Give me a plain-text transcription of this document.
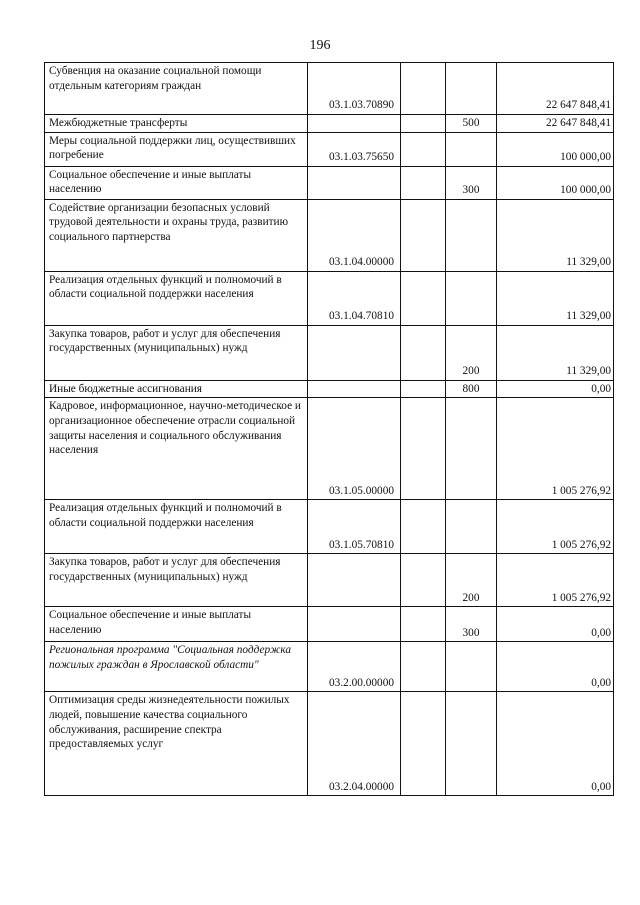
196
Субвенция на оказание социальной помощи отдельным категориям граждан	03.1.03.70890			22 647 848,41
Межбюджетные трансферты			500	22 647 848,41
Меры социальной поддержки лиц, осуществивших погребение	03.1.03.75650			100 000,00
Социальное обеспечение и иные выплаты населению			300	100 000,00
Содействие организации безопасных условий трудовой деятельности и охраны труда, развитию социального партнерства	03.1.04.00000			11 329,00
Реализация отдельных функций и полномочий в области социальной поддержки населения	03.1.04.70810			11 329,00
Закупка товаров, работ и услуг для обеспечения государственных (муниципальных) нужд			200	11 329,00
Иные бюджетные ассигнования			800	0,00
Кадровое, информационное, научно-методическое и организационное обеспечение отрасли социальной защиты населения и социального обслуживания населения	03.1.05.00000			1 005 276,92
Реализация отдельных функций и полномочий в области социальной поддержки населения	03.1.05.70810			1 005 276,92
Закупка товаров, работ и услуг для обеспечения государственных (муниципальных) нужд			200	1 005 276,92
Социальное обеспечение и иные выплаты населению			300	0,00
Региональная программа "Социальная поддержка пожилых граждан в Ярославской области"	03.2.00.00000			0,00
Оптимизация среды жизнедеятельности пожилых людей, повышение качества социального обслуживания, расширение спектра предоставляемых услуг	03.2.04.00000			0,00
